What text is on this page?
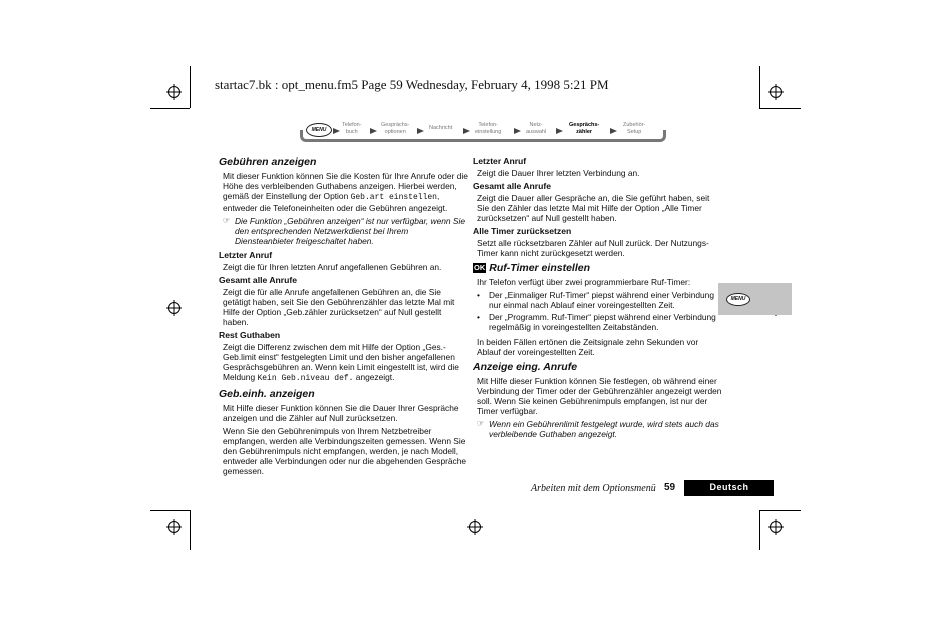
startac7.bk : opt_menu.fm5 Page 59 Wednesday, February 4, 1998 5:21 PM
MENU
Telefon-
buch
Gesprächs-
optionen
Nachricht	Telefon-
einstellung
Netz-
auswahl
Gesprächs-
zähler
Zubehör-
Setup
Gebühren anzeigen

Mit dieser Funktion können Sie die Kosten für Ihre Anrufe oder die Höhe des verbleibenden Guthabens anzeigen. Hierbei werden, gemäß der Einstellung der Option Geb.art einstellen, entweder die Telefoneinheiten oder die Gebühren angezeigt.

☞ Die Funktion „Gebühren anzeigen“ ist nur verfügbar, wenn Sie den entsprechenden Netzwerkdienst bei Ihrem Diensteanbieter freigeschaltet haben.
Letzter Anruf

Zeigt die für Ihren letzten Anruf angefallenen Gebühren an.

Gesamt alle Anrufe

Zeigt die für alle Anrufe angefallenen Gebühren an, die Sie getätigt haben, seit Sie den Gebührenzähler das letzte Mal mit Hilfe der Option „Geb.zähler zurücksetzen“ auf Null gestellt haben.

Rest Guthaben

Zeigt die Differenz zwischen dem mit Hilfe der Option „Ges.-Geb.limit einst“ festgelegten Limit und den bisher angefallenen Gesprächsgebühren an. Wenn kein Limit eingestellt ist, wird die Meldung Kein Geb.niveau def. angezeigt.

Geb.einh. anzeigen

Mit Hilfe dieser Funktion können Sie die Dauer Ihrer Gespräche anzeigen und die Zähler auf Null zurücksetzen.

Wenn Sie den Gebührenimpuls von Ihrem Netzbetreiber empfangen, werden alle Verbindungszeiten gemessen. Wenn Sie den Gebührenimpuls nicht empfangen, werden, je nach Modell, entweder alle Verbindungen oder nur die abgehenden Gespräche gemessen.

Letzter Anruf

Zeigt die Dauer Ihrer letzten Verbindung an.

Gesamt alle Anrufe

Zeigt die Dauer aller Gespräche an, die Sie geführt haben, seit Sie den Zähler das letzte Mal mit Hilfe der Option „Alle Timer zurücksetzen“ auf Null gestellt haben.

Alle Timer zurücksetzen

Setzt alle rücksetzbaren Zähler auf Null zurück. Der Nutzungs-Timer kann nicht zurückgesetzt werden.

OK Ruf-Timer einstellen

Ihr Telefon verfügt über zwei programmierbare Ruf-Timer:

•	Der „Einmaliger Ruf-Timer“ piepst während einer Verbindung nur einmal nach Ablauf einer voreingestellten Zeit.
•	Der „Programm. Ruf-Timer“ piepst während einer Verbindung regelmäßig in voreingestellten Zeitabständen.

In beiden Fällen ertönen die Zeitsignale zehn Sekunden vor Ablauf der voreingestellten Zeit.

Anzeige eing. Anrufe

Mit Hilfe dieser Funktion können Sie festlegen, ob während einer Verbindung der Timer oder der Gebührenzähler angezeigt werden soll. Wenn Sie keinen Gebührenimpuls empfangen, ist nur der Timer verfügbar.

☞ Wenn ein Gebührenlimit festgelegt wurde, wird stets auch das verbleibende Guthaben angezeigt.
MENU
Arbeiten mit dem Optionsmenü 59	Deutsch
